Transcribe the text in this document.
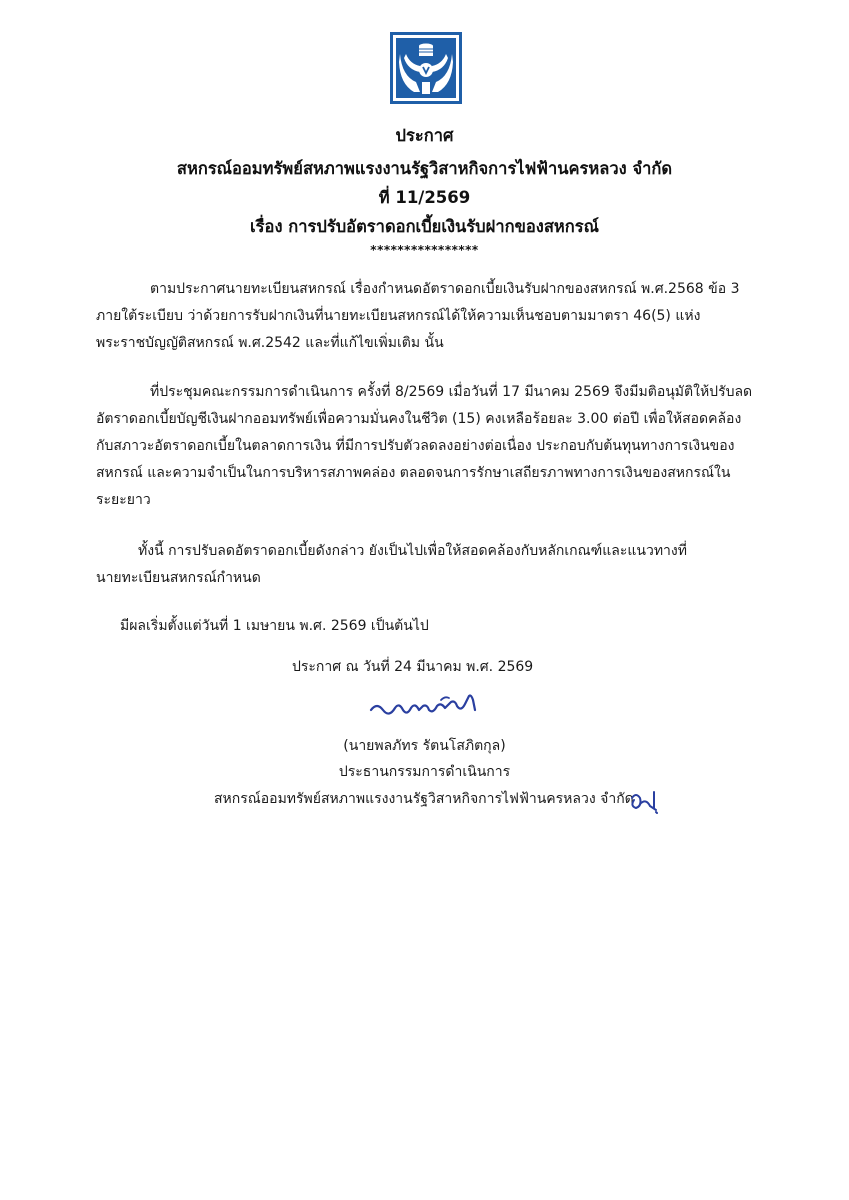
ประกาศ
สหกรณ์ออมทรัพย์สหภาพแรงงานรัฐวิสาหกิจการไฟฟ้านครหลวง จำกัด
ที่ 11/2569
เรื่อง การปรับอัตราดอกเบี้ยเงินรับฝากของสหกรณ์
****************
ตามประกาศนายทะเบียนสหกรณ์ เรื่องกำหนดอัตราดอกเบี้ยเงินรับฝากของสหกรณ์ พ.ศ.2568 ข้อ 3
ภายใต้ระเบียบ ว่าด้วยการรับฝากเงินที่นายทะเบียนสหกรณ์ได้ให้ความเห็นชอบตามมาตรา 46(5) แห่ง
พระราชบัญญัติสหกรณ์ พ.ศ.2542 และที่แก้ไขเพิ่มเติม นั้น
ที่ประชุมคณะกรรมการดำเนินการ ครั้งที่ 8/2569 เมื่อวันที่ 17 มีนาคม 2569 จึงมีมติอนุมัติให้ปรับลด
อัตราดอกเบี้ยบัญชีเงินฝากออมทรัพย์เพื่อความมั่นคงในชีวิต (15) คงเหลือร้อยละ 3.00 ต่อปี เพื่อให้สอดคล้อง
กับสภาวะอัตราดอกเบี้ยในตลาดการเงิน ที่มีการปรับตัวลดลงอย่างต่อเนื่อง ประกอบกับต้นทุนทางการเงินของ
สหกรณ์ และความจำเป็นในการบริหารสภาพคล่อง ตลอดจนการรักษาเสถียรภาพทางการเงินของสหกรณ์ใน
ระยะยาว
ทั้งนี้ การปรับลดอัตราดอกเบี้ยดังกล่าว ยังเป็นไปเพื่อให้สอดคล้องกับหลักเกณฑ์และแนวทางที่
นายทะเบียนสหกรณ์กำหนด
มีผลเริ่มตั้งแต่วันที่ 1 เมษายน พ.ศ. 2569 เป็นต้นไป
ประกาศ ณ วันที่ 24 มีนาคม พ.ศ. 2569
(นายพลภัทร รัตนโสภิตกุล)
ประธานกรรมการดำเนินการ
สหกรณ์ออมทรัพย์สหภาพแรงงานรัฐวิสาหกิจการไฟฟ้านครหลวง จำกัด
